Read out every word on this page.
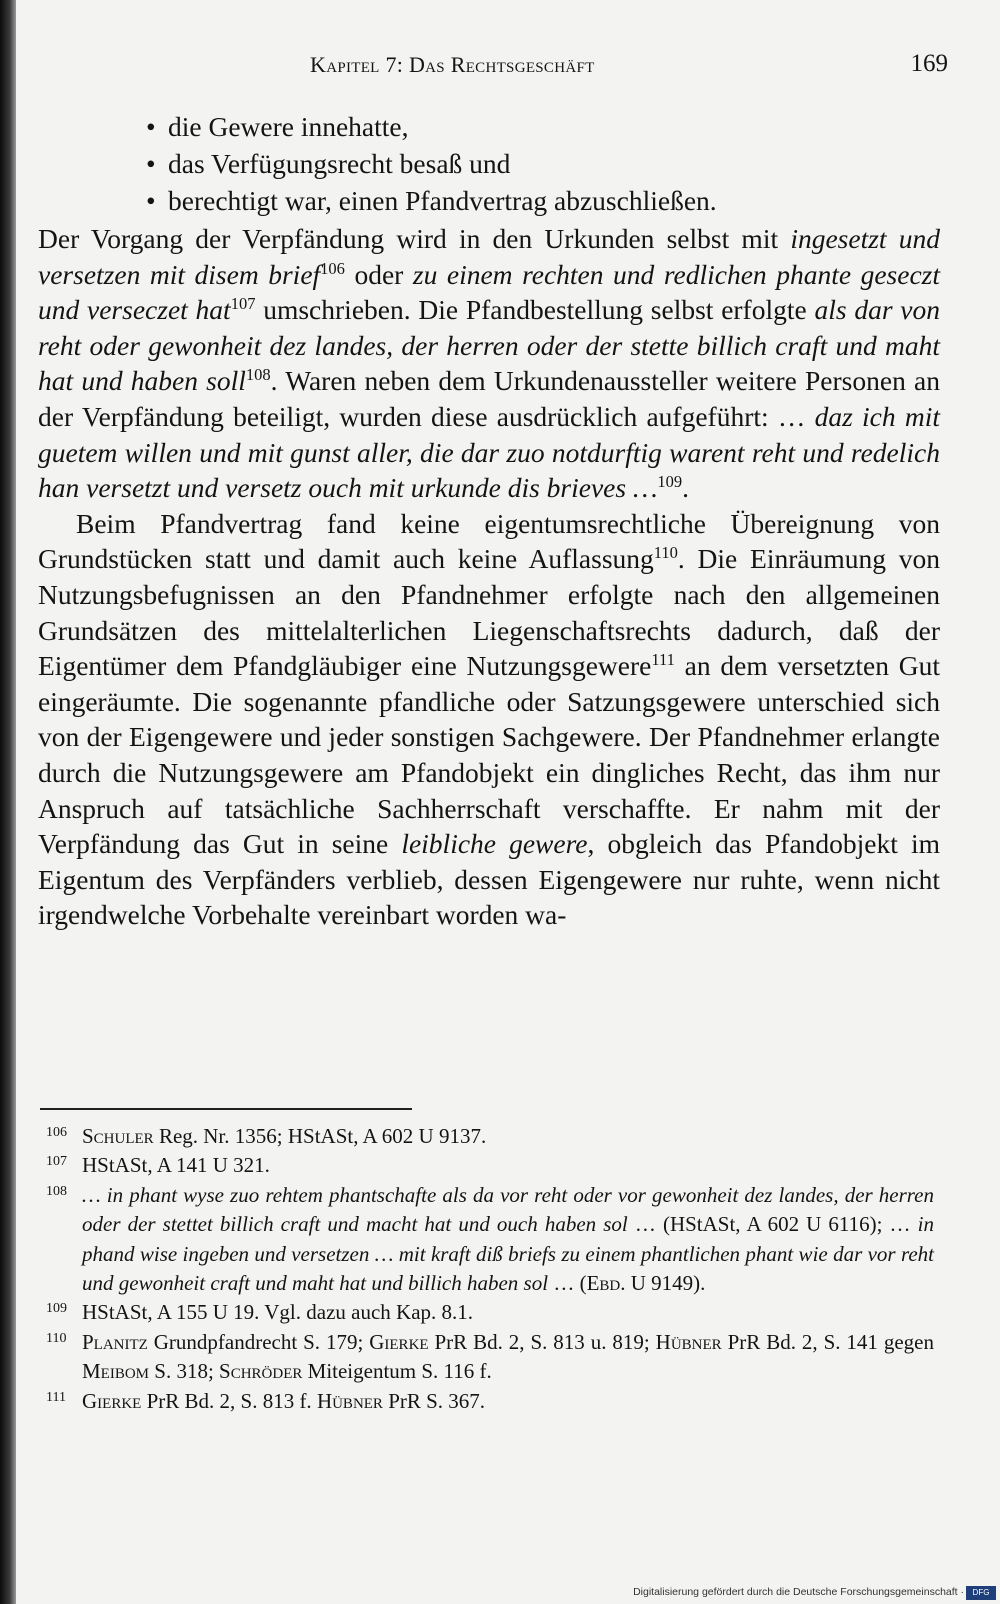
Kapitel 7: Das Rechtsgeschäft	169
• die Gewere innehatte,
• das Verfügungsrecht besaß und
• berechtigt war, einen Pfandvertrag abzuschließen.

Der Vorgang der Verpfändung wird in den Urkunden selbst mit ingesetzt und versetzen mit disem brief$^{106}$ oder zu einem rechten und redlichen phante geseczt und verseczet hat$^{107}$ umschrieben. Die Pfandbestellung selbst erfolgte als dar von reht oder gewonheit dez landes, der herren oder der stette billich craft und maht hat und haben soll$^{108}$. Waren neben dem Urkundenaussteller weitere Personen an der Verpfändung beteiligt, wurden diese ausdrücklich aufgeführt: … daz ich mit guetem willen und mit gunst aller, die dar zuo notdurftig warent reht und redelich han versetzt und versetz ouch mit urkunde dis brieves …$^{109}$.

Beim Pfandvertrag fand keine eigentumsrechtliche Übereignung von Grundstücken statt und damit auch keine Auflassung$^{110}$. Die Einräumung von Nutzungsbefugnissen an den Pfandnehmer erfolgte nach den allgemeinen Grundsätzen des mittelalterlichen Liegenschaftsrechts dadurch, daß der Eigentümer dem Pfandgläubiger eine Nutzungsgewere$^{111}$ an dem versetzten Gut eingeräumte. Die sogenannte pfandliche oder Satzungsgewere unterschied sich von der Eigengewere und jeder sonstigen Sachgewere. Der Pfandnehmer erlangte durch die Nutzungsgewere am Pfandobjekt ein dingliches Recht, das ihm nur Anspruch auf tatsächliche Sachherrschaft verschaffte. Er nahm mit der Verpfändung das Gut in seine leibliche gewere, obgleich das Pfandobjekt im Eigentum des Verpfänders verblieb, dessen Eigengewere nur ruhte, wenn nicht irgendwelche Vorbehalte vereinbart worden wa-

106 Schuler Reg. Nr. 1356; HStASt, A 602 U 9137.
107 HStASt, A 141 U 321.
108 … in phant wyse zuo rehtem phantschafte als da vor reht oder vor gewonheit dez landes, der herren oder der stettet billich craft und macht hat und ouch haben sol … (HStASt, A 602 U 6116); … in phand wise ingeben und versetzen … mit kraft diß briefs zu einem phantlichen phant wie dar vor reht und gewonheit craft und maht hat und billich haben sol … (Ebd. U 9149).
109 HStASt, A 155 U 19. Vgl. dazu auch Kap. 8.1.
110 Planitz Grundpfandrecht S. 179; Gierke PrR Bd. 2, S. 813 u. 819; Hübner PrR Bd. 2, S. 141 gegen Meibom S. 318; Schröder Miteigentum S. 116 f.
111 Gierke PrR Bd. 2, S. 813 f. Hübner PrR S. 367.
Digitalisierung gefördert durch die Deutsche Forschungsgemeinschaft ·	DFG
